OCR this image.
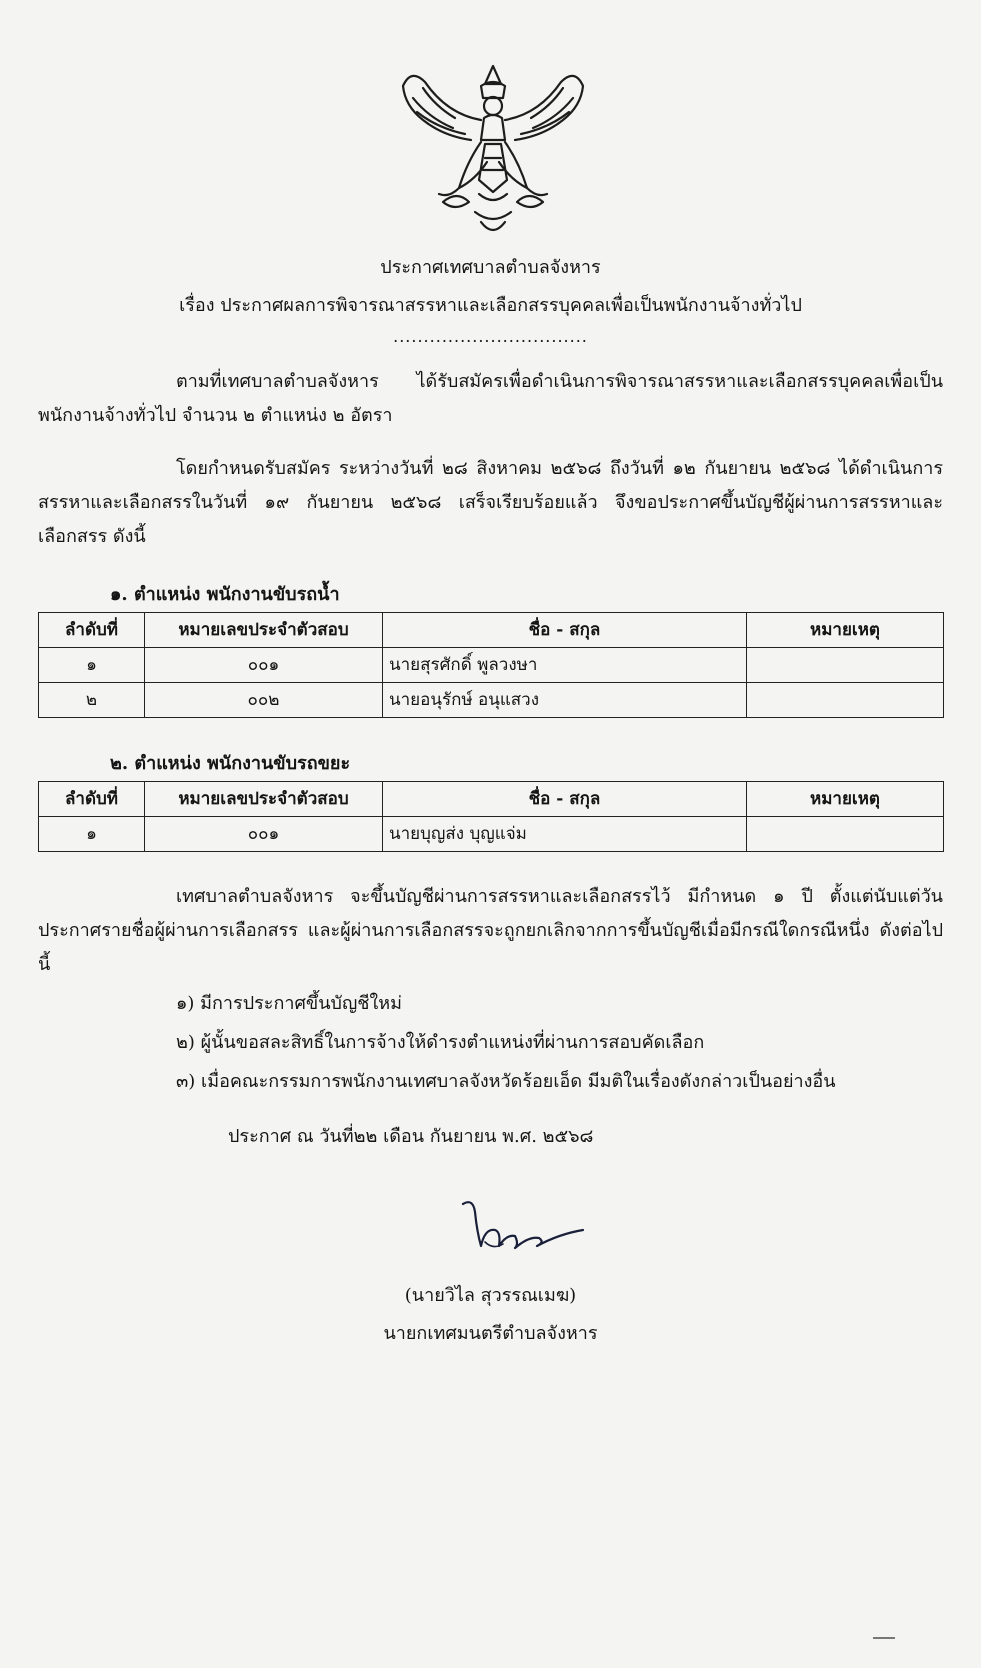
ประกาศเทศบาลตำบลจังหาร
เรื่อง ประกาศผลการพิจารณาสรรหาและเลือกสรรบุคคลเพื่อเป็นพนักงานจ้างทั่วไป
................................

ตามที่เทศบาลตำบลจังหาร ได้รับสมัครเพื่อดำเนินการพิจารณาสรรหาและเลือกสรรบุคคลเพื่อเป็นพนักงานจ้างทั่วไป จำนวน ๒ ตำแหน่ง ๒ อัตรา

โดยกำหนดรับสมัคร ระหว่างวันที่ ๒๘ สิงหาคม ๒๕๖๘ ถึงวันที่ ๑๒ กันยายน ๒๕๖๘ ได้ดำเนินการสรรหาและเลือกสรรในวันที่ ๑๙ กันยายน ๒๕๖๘ เสร็จเรียบร้อยแล้ว จึงขอประกาศขึ้นบัญชีผู้ผ่านการสรรหาและเลือกสรร ดังนี้

๑. ตำแหน่ง พนักงานขับรถน้ำ
ลำดับที่	หมายเลขประจำตัวสอบ	ชื่อ - สกุล	หมายเหตุ
๑	๐๐๑	นายสุรศักดิ์ พูลวงษา	
๒	๐๐๒	นายอนุรักษ์ อนุแสวง	
๒. ตำแหน่ง พนักงานขับรถขยะ
ลำดับที่	หมายเลขประจำตัวสอบ	ชื่อ - สกุล	หมายเหตุ
๑	๐๐๑	นายบุญส่ง บุญแจ่ม	

เทศบาลตำบลจังหาร จะขึ้นบัญชีผ่านการสรรหาและเลือกสรรไว้ มีกำหนด ๑ ปี ตั้งแต่นับแต่วันประกาศรายชื่อผู้ผ่านการเลือกสรร และผู้ผ่านการเลือกสรรจะถูกยกเลิกจากการขึ้นบัญชีเมื่อมีกรณีใดกรณีหนึ่ง ดังต่อไปนี้

๑) มีการประกาศขึ้นบัญชีใหม่
๒) ผู้นั้นขอสละสิทธิ์ในการจ้างให้ดำรงตำแหน่งที่ผ่านการสอบคัดเลือก
๓) เมื่อคณะกรรมการพนักงานเทศบาลจังหวัดร้อยเอ็ด มีมติในเรื่องดังกล่าวเป็นอย่างอื่น
ประกาศ ณ วันที่๒๒ เดือน กันยายน พ.ศ. ๒๕๖๘
(นายวิไล สุวรรณเมฆ)
นายกเทศมนตรีตำบลจังหาร
